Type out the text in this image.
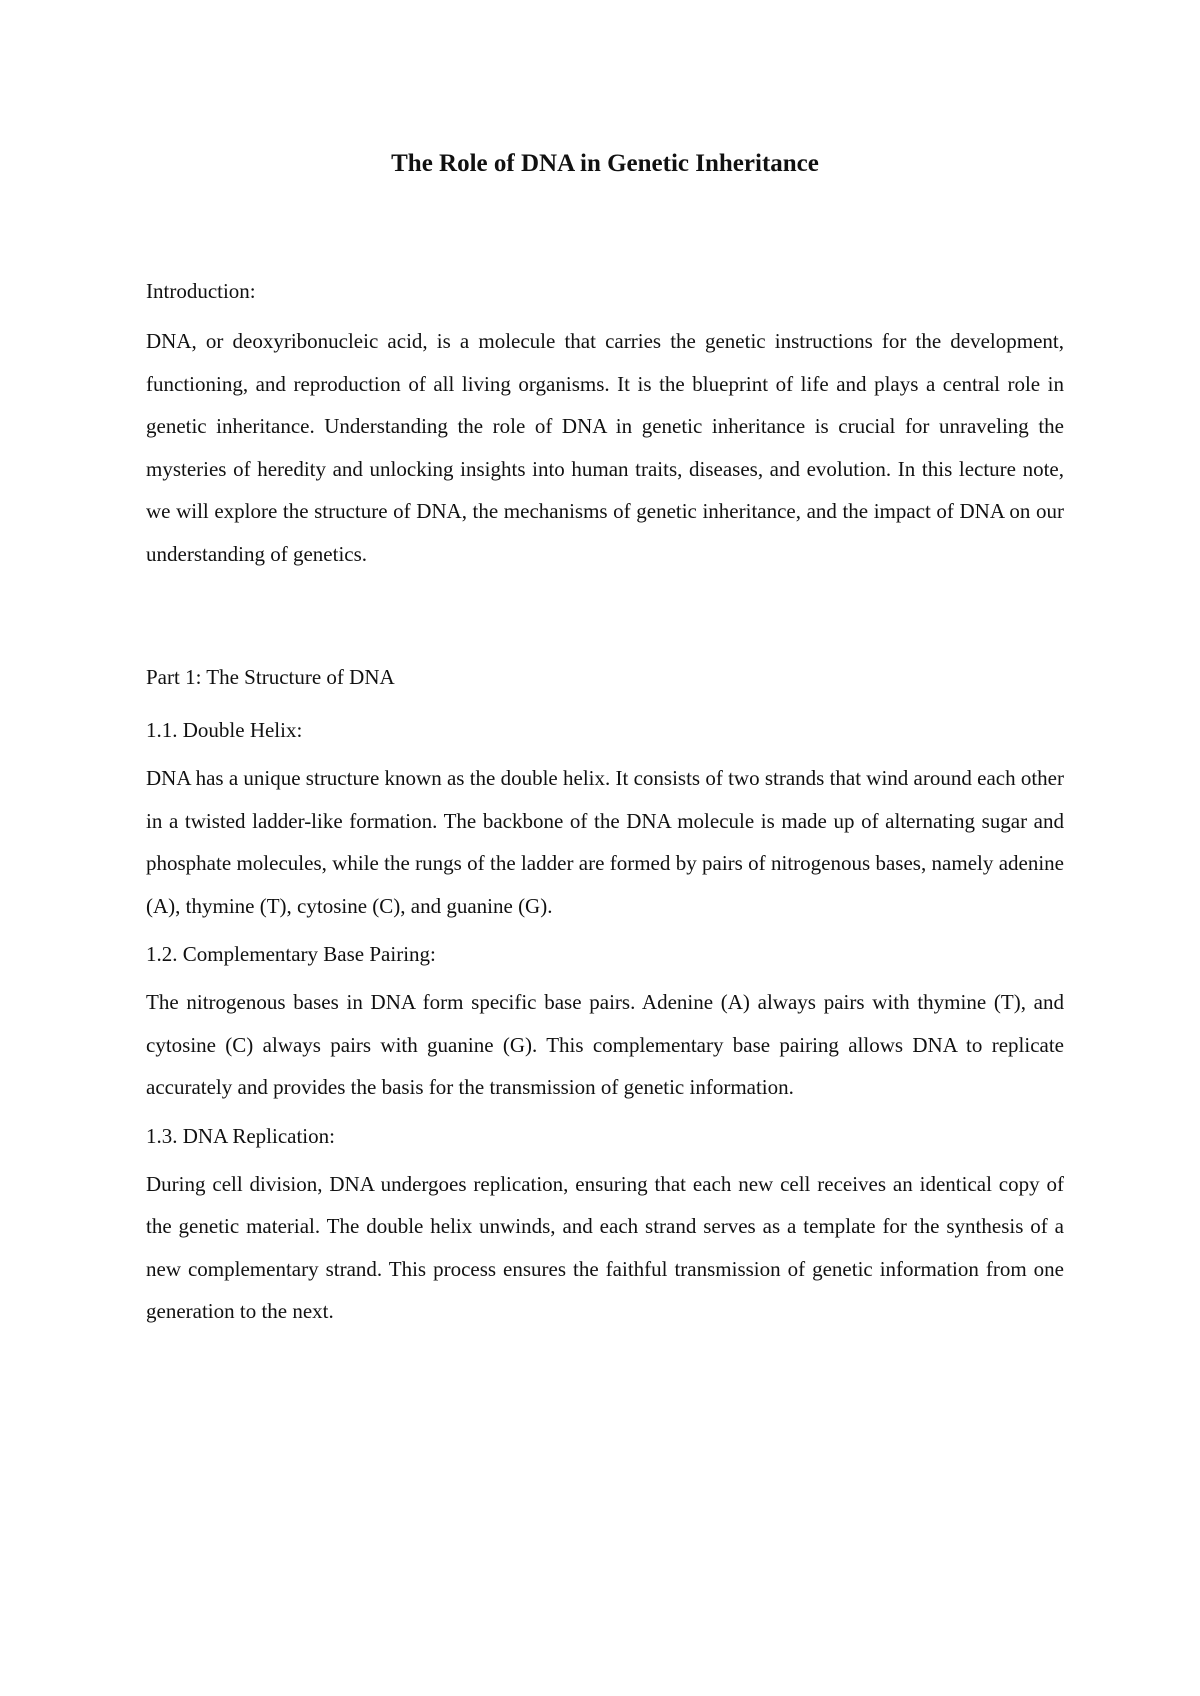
The Role of DNA in Genetic Inheritance

Introduction:

DNA, or deoxyribonucleic acid, is a molecule that carries the genetic instructions for the development, functioning, and reproduction of all living organisms. It is the blueprint of life and plays a central role in genetic inheritance. Understanding the role of DNA in genetic inheritance is crucial for unraveling the mysteries of heredity and unlocking insights into human traits, diseases, and evolution. In this lecture note, we will explore the structure of DNA, the mechanisms of genetic inheritance, and the impact of DNA on our understanding of genetics.

Part 1: The Structure of DNA

1.1. Double Helix:

DNA has a unique structure known as the double helix. It consists of two strands that wind around each other in a twisted ladder-like formation. The backbone of the DNA molecule is made up of alternating sugar and phosphate molecules, while the rungs of the ladder are formed by pairs of nitrogenous bases, namely adenine (A), thymine (T), cytosine (C), and guanine (G).

1.2. Complementary Base Pairing:

The nitrogenous bases in DNA form specific base pairs. Adenine (A) always pairs with thymine (T), and cytosine (C) always pairs with guanine (G). This complementary base pairing allows DNA to replicate accurately and provides the basis for the transmission of genetic information.

1.3. DNA Replication:

During cell division, DNA undergoes replication, ensuring that each new cell receives an identical copy of the genetic material. The double helix unwinds, and each strand serves as a template for the synthesis of a new complementary strand. This process ensures the faithful transmission of genetic information from one generation to the next.
